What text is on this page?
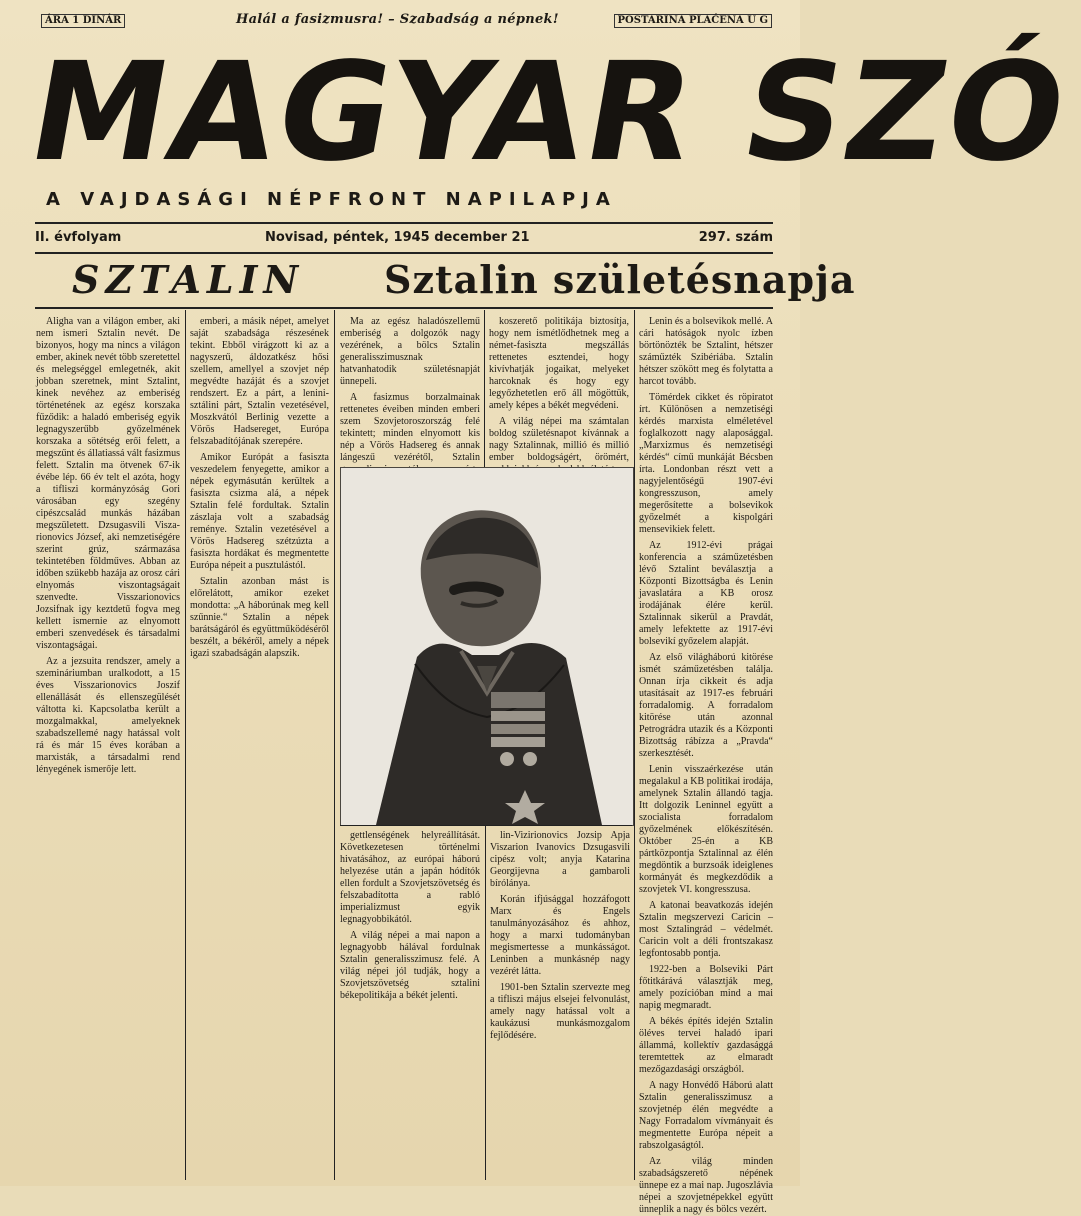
ÁRA 1 DINÁR	Halál a fasizmusra! – Szabadság a népnek!	POSTARINA PLAĆENA U G
MAGYAR SZÓ
A VAJDASÁGI NÉPFRONT NAPILAPJA
II. évfolyam	Novisad, péntek, 1945 december 21	297. szám
SZTALIN Sztalin születésnapja

Aligha van a világon ember, aki nem ismeri Sztalin nevét. De bizonyos, hogy ma nincs a világon ember, akinek nevét több szeretettel és melegséggel emlegetnék, akit jobban szeretnek, mint Sztalint, kinek nevéhez az emberiség történetének az egész korszaka fűződik: a haladó emberiség egyik legnagyszerűbb győzelmének korszaka a sötétség erői felett, a megszűnt és állatiassá vált fasizmus felett. Sztalin ma ötvenek 67-ik évébe lép. 66 év telt el azóta, hogy a tifliszi kormányzóság Gori városában egy szegény cipészcsalád munkás házában megszületett. Dzsugasvili Viszarionovics József, aki nemzetiségére szerint grúz, származása tekintetében földműves. Abban az időben szükebb hazája az orosz cári elnyomás viszontagságait szenvedte. Visszarionovics Jozsifnak igy keztdetű fogva meg kellett ismernie az elnyomott emberi szenvedések és társadalmi viszontagságai.

Az a jezsuita rendszer, amely a szemináriumban uralkodott, a 15 éves Visszarionovics Joszif ellenállását és ellenszegülését váltotta ki. Kapcsolatba került a mozgalmakkal, amelyeknek szabadszellemé nagy hatással volt rá és már 15 éves korában a marxisták, a társadalmi rend lényegének ismerője lett.

emberi, a másik népet, amelyet saját szabadsága részesének tekint. Ebből virágzott ki az a nagyszerű, áldozatkész hősi szellem, amellyel a szovjet nép megvédte hazáját és a szovjet rendszert. Ez a párt, a lenini-sztálini párt, Sztalin vezetésével, Moszkvától Berlinig vezette a Vörös Hadsereget, Európa felszabadítójának szerepére.

Amikor Európát a fasiszta veszedelem fenyegette, amikor a népek egymásután kerültek a fasiszta csizma alá, a népek Sztalin felé fordultak. Sztalin zászlaja volt a szabadság reménye. Sztalin vezetésével a Vörös Hadsereg szétzúzta a fasiszta hordákat és megmentette Európa népeit a pusztulástól.

Sztalin azonban mást is előrelátott, amikor ezeket mondotta: „A háborúnak meg kell szűnnie.“ Sztalin a népek barátságáról és együttműködéséről beszélt, a békéről, amely a népek igazi szabadságán alapszik.

Ma az egész haladószellemű emberiség a dolgozók nagy vezérének, a bölcs Sztalin generalisszimusznak hatvanhatodik születésnapját ünnepeli.

A fasizmus borzalmainak rettenetes éveiben minden emberi szem Szovjetoroszország felé tekintett; minden elnyomott kis nép a Vörös Hadsereg és annak lángeszű vezérétől, Sztalin

koszerető politikája biztosítja, hogy nem ismétlődhetnek meg a német-fasiszta megszállás rettenetes esztendei, hogy kivívhatják jogaikat, melyeket harcoknak és hogy egy legyőzhetetlen erő áll mögöttük, amely képes a békét megvédeni.

A világ népei ma számtalan boldog születésnapot kívánnak a nagy Sztalinnak, millió és millió ember boldogságért, örömért,

Lenin és a bolsevikok mellé. A cári hatóságok nyolc ízben börtönözték be Sztalint, hétszer száműzték Szibériába. Sztalin hétszer szökött meg és folytatta a harcot tovább.

Tömérdek cikket és röpiratot írt. Különösen a nemzetiségi kérdés marxista elméletével foglalkozott nagy alaposággal. „Marxizmus és nemzetiségi kérdés“ című munkáját Bécsben írta. Londonban részt vett a nagyjelentőségű 1907-évi kongresszuson, amely megerősítette a bolsevikok győzelmét a kispolgári mensevikiek felett.

Az 1912-évi prágai konferencia a száműzetésben lévő Sztalint beválasztja a Központi Bizottságba és Lenin javaslatára a KB orosz irodájának élére kerül. Sztalinnak sikerül a Pravdát, amely lefektette az 1917-évi bolsevikí győzelem alapját.

Az első világháború kitörése ismét száműzetésben találja. Onnan írja cikkeit és adja utasításait az 1917-es februári forradalomig. A forradalom kitörése után azonnal Petrográdra utazik és a Központi Bizottság rábízza a „Pravda“ szerkesztését.

Lenin visszaérkezése után megalakul a KB politikai irodája, amelynek Sztalin állandó tagja. Itt dolgozik Leninnel együtt a szocialista forradalom győzelmének előkészítésén. Október 25-én a KB pártközpontja Sztalinnal az élén megdöntik a burzsoák ideiglenes kormányát és megkezdődik a szovjetek VI. kongresszusa.

A katonai beavatkozás idején Sztalin megszervezi Caricin – most Sztalingrád – védelmét. Caricin volt a déli frontszakasz legfontosabb pontja.

1922-ben a Bolseviki Párt főtitkárává választják meg, amely pozícióban mind a mai napig megmaradt.

A békés építés idején Sztalin öléves tervei haladó ipari állammá, kollektív gazdasággá teremtettek az elmaradt mezőgazdasági országból.

A nagy Honvédő Háború alatt Sztalin generalisszimusz a szovjetnép élén megvédte a Nagy Forradalom vívmányait és megmentette Európa népeit a rabszolgaságtól.

Az világ minden szabadságszerető népének ünnepe ez a mai nap. Jugoszlávia népei a szovjetnépekkel együtt ünneplik a nagy és bölcs vezért.

gettlenségének helyreállítását. Következetesen történelmi hivatásához, az európai háború helyezése után a japán hódítók ellen fordult a Szovjetszövetség és felszabadította a rabló imperializmust egyik legnagyobbikától.

A világ népei a mai napon a legnagyobb hálával fordulnak Sztalin generalisszimusz felé. A világ népei jól tudják, hogy a Szovjetszövetség sztalini békepolitikája a békét jelenti.

lin-Vizirionovics Jozsip Apja Viszarion Ivanovics Dzsugasvili cipész volt; anyja Katarina Georgijevna a gambaroli bírólánya.

Korán ifjúsággal hozzáfogott Marx és Engels tanulmányozásához és ahhoz, hogy a marxi tudományban megismertesse a munkásságot. Leninben a munkásnép nagy vezérét látta.

1901-ben Sztalin szervezte meg a tifliszi május elsejei felvonulást, amely nagy hatással volt a kaukázusi munkásmozgalom fejlődésére.
